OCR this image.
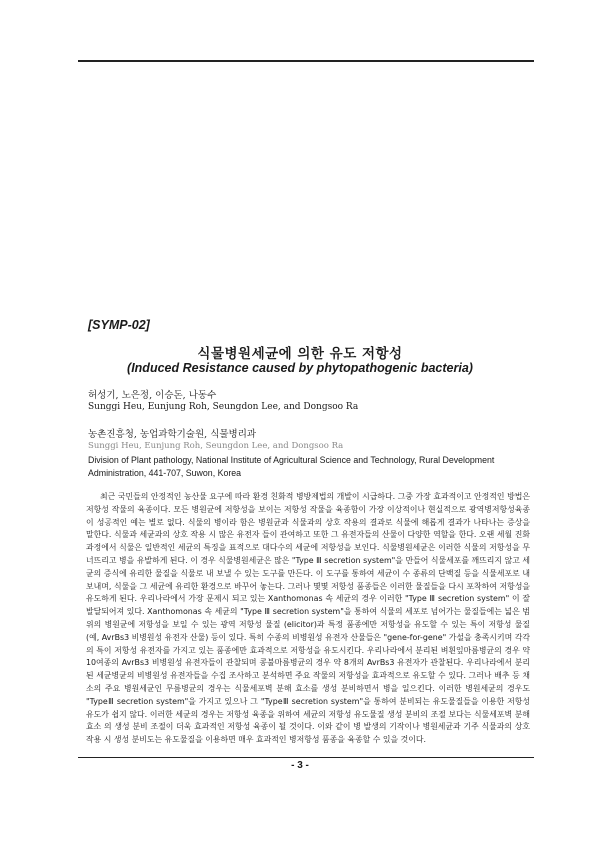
[SYMP-02]
식물병원세균에 의한 유도 저항성
(Induced Resistance caused by phytopathogenic bacteria)
허성기, 노은정, 이승돈, 나동수
Sunggi Heu, Eunjung Roh, Seungdon Lee, and Dongsoo Ra
농촌진흥청, 농업과학기술원, 식물병리과
Sunggi Heu, Eunjung Roh, Seungdon Lee, and Dongsoo Ra
Division of Plant pathology, National Institute of Agricultural Science and Technology, Rural Development Administration, 441-707, Suwon, Korea

최근 국민들의 안정적인 농산물 요구에 따라 환경 친화적 병방제법의 개발이 시급하다. 그중 가장 효과적이고 안정적인 방법은 저항성 작물의 육종이다. 모든 병원균에 저항성을 보이는 저항성 작물을 육종함이 가장 이상적이나 현실적으로 광역병저항성육종이 성공적인 예는 별로 없다. 식물의 병이라 함은 병원균과 식물과의 상호 작용의 결과로 식물에 해롭게 결과가 나타나는 증상을 말한다. 식물과 세균과의 상호 작용 시 많은 유전자 들이 관여하고 또한 그 유전자들의 산물이 다양한 역할을 한다. 오랜 세월 진화과정에서 식물은 일반적인 세균의 특징을 표적으로 대다수의 세균에 저항성을 보인다. 식물병원세균은 이러한 식물의 저항성을 무너뜨리고 병을 유발하게 된다. 이 경우 식물병원세균은 많은 "Type Ⅲ secretion system"을 만들어 식물세포를 깨뜨리지 않고 세균의 증식에 유리한 물질을 식물로 내 보낼 수 있는 도구를 만든다. 이 도구를 통하여 세균이 수 종류의 단백질 등을 식물세포로 내 보내며, 식물을 그 세균에 유리한 환경으로 바꾸어 놓는다. 그러나 몇몇 저항성 품종들은 이러한 물질들을 다시 포착하여 저항성을 유도하게 된다. 우리나라에서 가장 문제시 되고 있는 Xanthomonas 속 세균의 경우 이러한 "Type Ⅲ secretion system" 이 잘 발달되어져 있다. Xanthomonas 속 세균의 "Type Ⅲ secretion system"을 통하여 식물의 세포로 넘어가는 물질들에는 넓은 범위의 병원균에 저항성을 보일 수 있는 광역 저항성 물질 (elicitor)과 특정 품종에만 저항성을 유도할 수 있는 특이 저항성 물질 (예, AvrBs3 비병원성 유전자 산물) 등이 있다. 특히 수종의 비병원성 유전자 산물들은 "gene-for-gene" 가설을 충족시키며 각각의 특이 저항성 유전자를 가지고 있는 품종에만 효과적으로 저항성을 유도시킨다. 우리나라에서 분리된 벼흰잎마름병균의 경우 약 10여종의 AvrBs3 비병원성 유전자들이 관찰되며 콩불마름병균의 경우 약 8개의 AvrBs3 유전자가 관찰된다. 우리나라에서 분리된 세균병균의 비병원성 유전자들을 수집 조사하고 분석하면 주요 작물의 저항성을 효과적으로 유도할 수 있다. 그러나 배추 등 채소의 주요 병원세균인 무름병균의 경우는 식물세포벽 분해 효소를 생성 분비하면서 병을 일으킨다. 이러한 병원세균의 경우도 "TypeⅢ secretion system"을 가지고 있으나 그 "TypeⅢ secretion system"을 통하여 분비되는 유도물질들을 이용한 저항성 유도가 쉽지 않다. 이러한 세균의 경우는 저항성 육종을 위하여 세균의 저항성 유도물질 생성 분비의 조절 보다는 식물세포벽 분해 효소 의 생성 분비 조절이 더욱 효과적인 저항성 육종이 될 것이다. 이와 같이 병 발생의 기작이나 병원세균과 기주 식물과의 상호 작용 시 생성 분비도는 유도물질을 이용하면 매우 효과적인 병저항성 품종을 육종할 수 있을 것이다.

- 3 -
